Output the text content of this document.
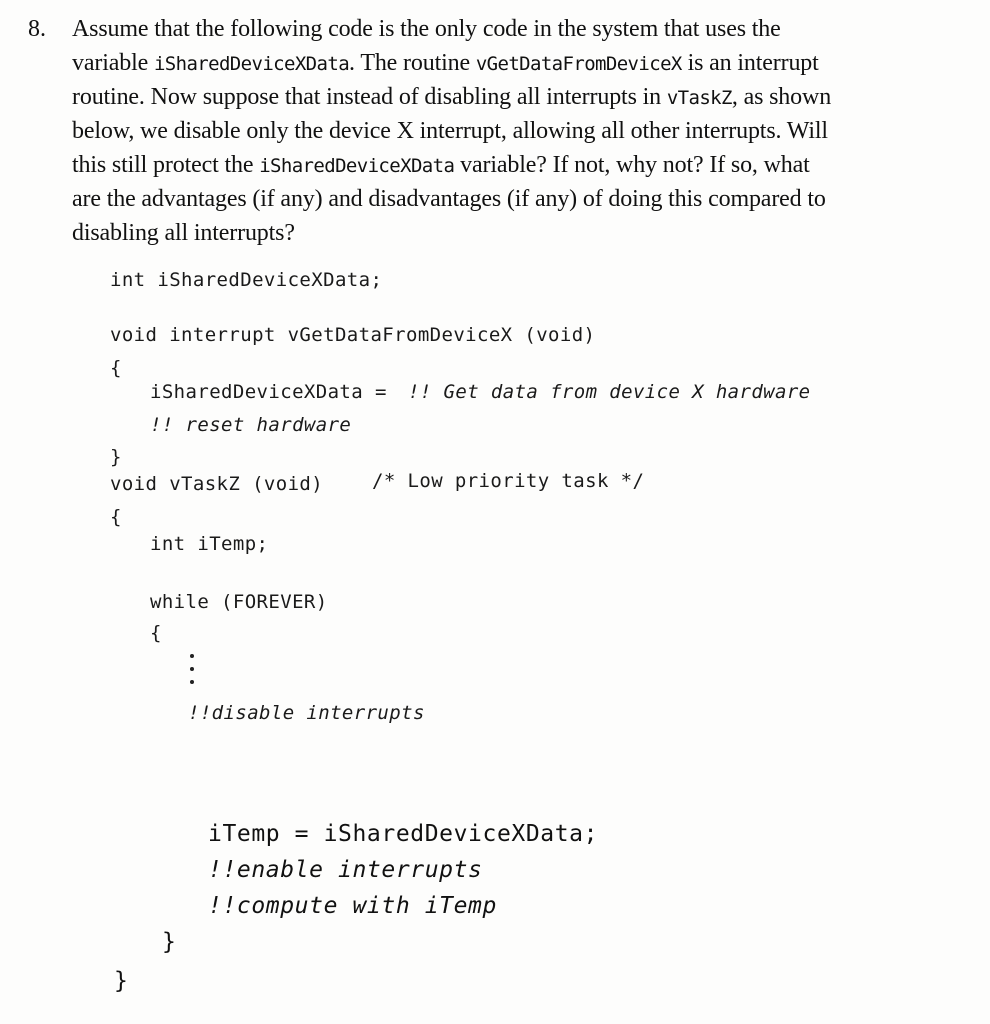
8. Assume that the following code is the only code in the system that uses the
variable iSharedDeviceXData. The routine vGetDataFromDeviceX is an interrupt
routine. Now suppose that instead of disabling all interrupts in vTaskZ, as shown
below, we disable only the device X interrupt, allowing all other interrupts. Will
this still protect the iSharedDeviceXData variable? If not, why not? If so, what
are the advantages (if any) and disadvantages (if any) of doing this compared to
disabling all interrupts?
int iSharedDeviceXData;
void interrupt vGetDataFromDeviceX (void)
{
iSharedDeviceXData = !! Get data from device X hardware
!! reset hardware
}
void vTaskZ (void)	/* Low priority task */
{
int iTemp;
while (FOREVER)
{
!!disable interrupts
iTemp = iSharedDeviceXData;
!!enable interrupts
!!compute with iTemp
}
}
